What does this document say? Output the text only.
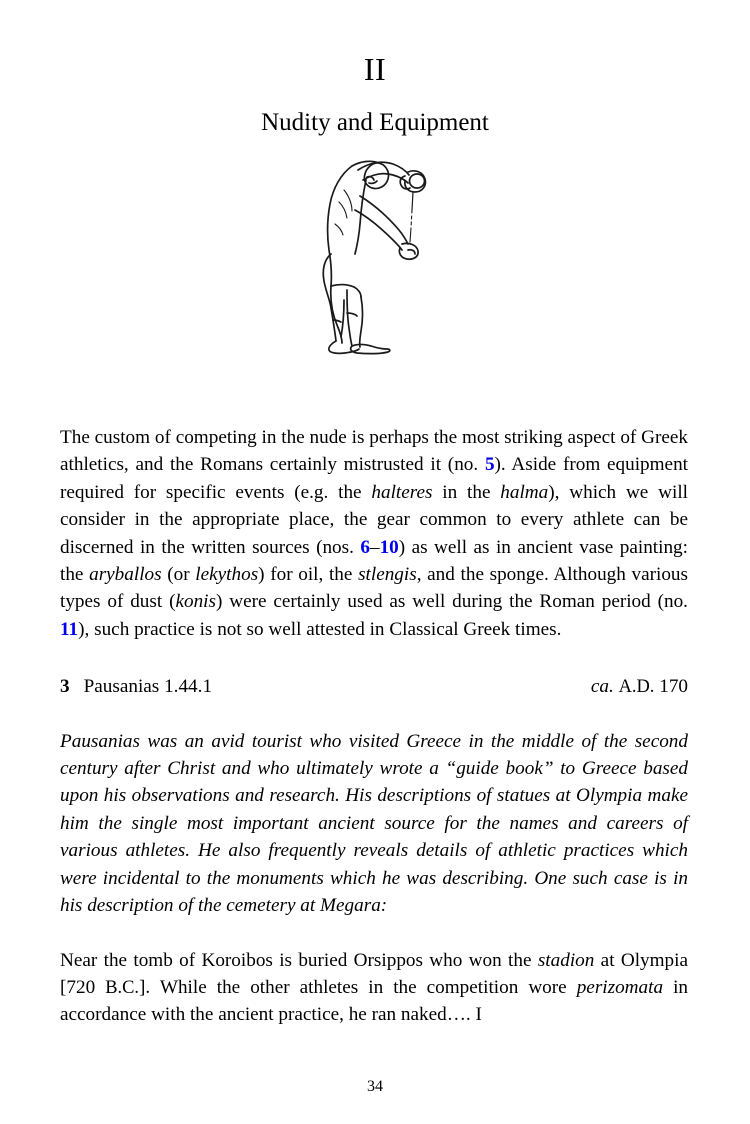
II
Nudity and Equipment

The custom of competing in the nude is perhaps the most striking aspect of Greek athletics, and the Romans certainly mistrusted it (no. 5). Aside from equipment required for specific events (e.g. the halteres in the halma), which we will consider in the appropriate place, the gear common to every athlete can be discerned in the written sources (nos. 6–10) as well as in ancient vase painting: the aryballos (or lekythos) for oil, the stlengis, and the sponge. Although various types of dust (konis) were certainly used as well during the Roman period (no. 11), such practice is not so well attested in Classical Greek times.

3 Pausanias 1.44.1	ca. A.D. 170

Pausanias was an avid tourist who visited Greece in the middle of the second century after Christ and who ultimately wrote a “guide book” to Greece based upon his observations and research. His descriptions of statues at Olympia make him the single most important ancient source for the names and careers of various athletes. He also frequently reveals details of athletic practices which were incidental to the monuments which he was describing. One such case is in his description of the cemetery at Megara:

Near the tomb of Koroibos is buried Orsippos who won the stadion at Olympia [720 B.C.]. While the other athletes in the competition wore perizomata in accordance with the ancient practice, he ran naked…. I

34
